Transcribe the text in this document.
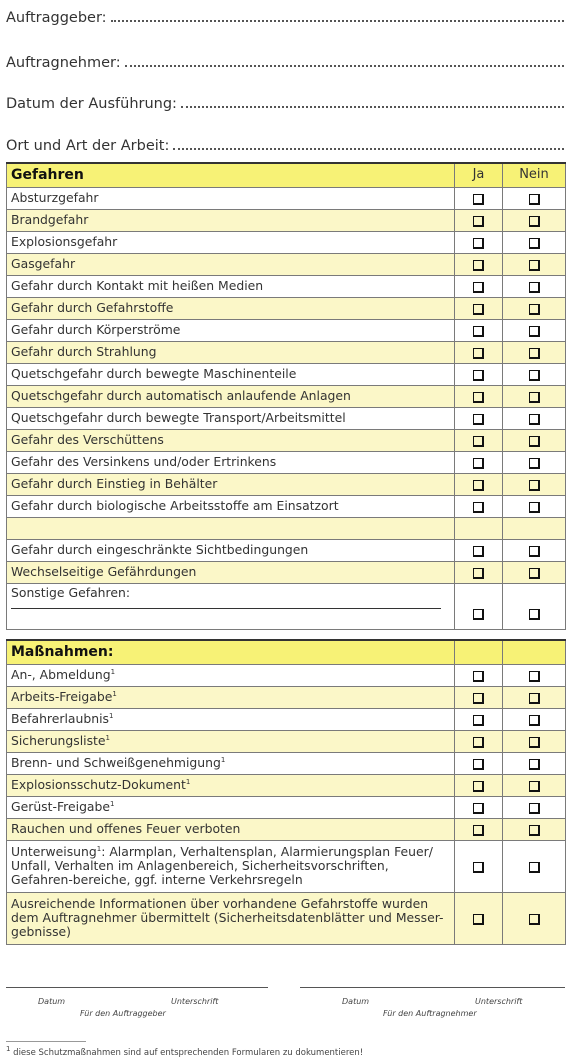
Auftraggeber:
Auftragnehmer:
Datum der Ausführung:
Ort und Art der Arbeit:
Gefahren	Ja	Nein
Absturzgefahr		
Brandgefahr		
Explosionsgefahr		
Gasgefahr		
Gefahr durch Kontakt mit heißen Medien		
Gefahr durch Gefahrstoffe		
Gefahr durch Körperströme		
Gefahr durch Strahlung		
Quetschgefahr durch bewegte Maschinenteile		
Quetschgefahr durch automatisch anlaufende Anlagen		
Quetschgefahr durch bewegte Transport/Arbeitsmittel		
Gefahr des Verschüttens		
Gefahr des Versinkens und/oder Ertrinkens		
Gefahr durch Einstieg in Behälter		
Gefahr durch biologische Arbeitsstoffe am Einsatzort		

Gefahr durch eingeschränkte Sichtbedingungen		
Wechselseitige Gefährdungen		
Sonstige Gefahren:

Maßnahmen:		
An-, Abmeldung$^1$		
Arbeits-Freigabe$^1$		
Befahrerlaubnis$^1$		
Sicherungsliste$^1$		
Brenn- und Schweißgenehmigung$^1$		
Explosionsschutz-Dokument$^1$		
Gerüst-Freigabe$^1$		
Rauchen und offenes Feuer verboten		
Unterweisung$^1$: Alarmplan, Verhaltensplan, Alarmierungsplan Feuer/ Unfall, Verhalten im Anlagenbereich, Sicherheitsvorschriften, Gefahren-bereiche, ggf. interne Verkehrsregeln		
Ausreichende Informationen über vorhandene Gefahrstoffe wurden dem Auftragnehmer übermittelt (Sicherheitsdatenblätter und Messer-gebnisse)		
Datum	Unterschrift
Für den Auftraggeber
Datum	Unterschrift
Für den Auftragnehmer
$^1$ diese Schutzmaßnahmen sind auf entsprechenden Formularen zu dokumentieren!
